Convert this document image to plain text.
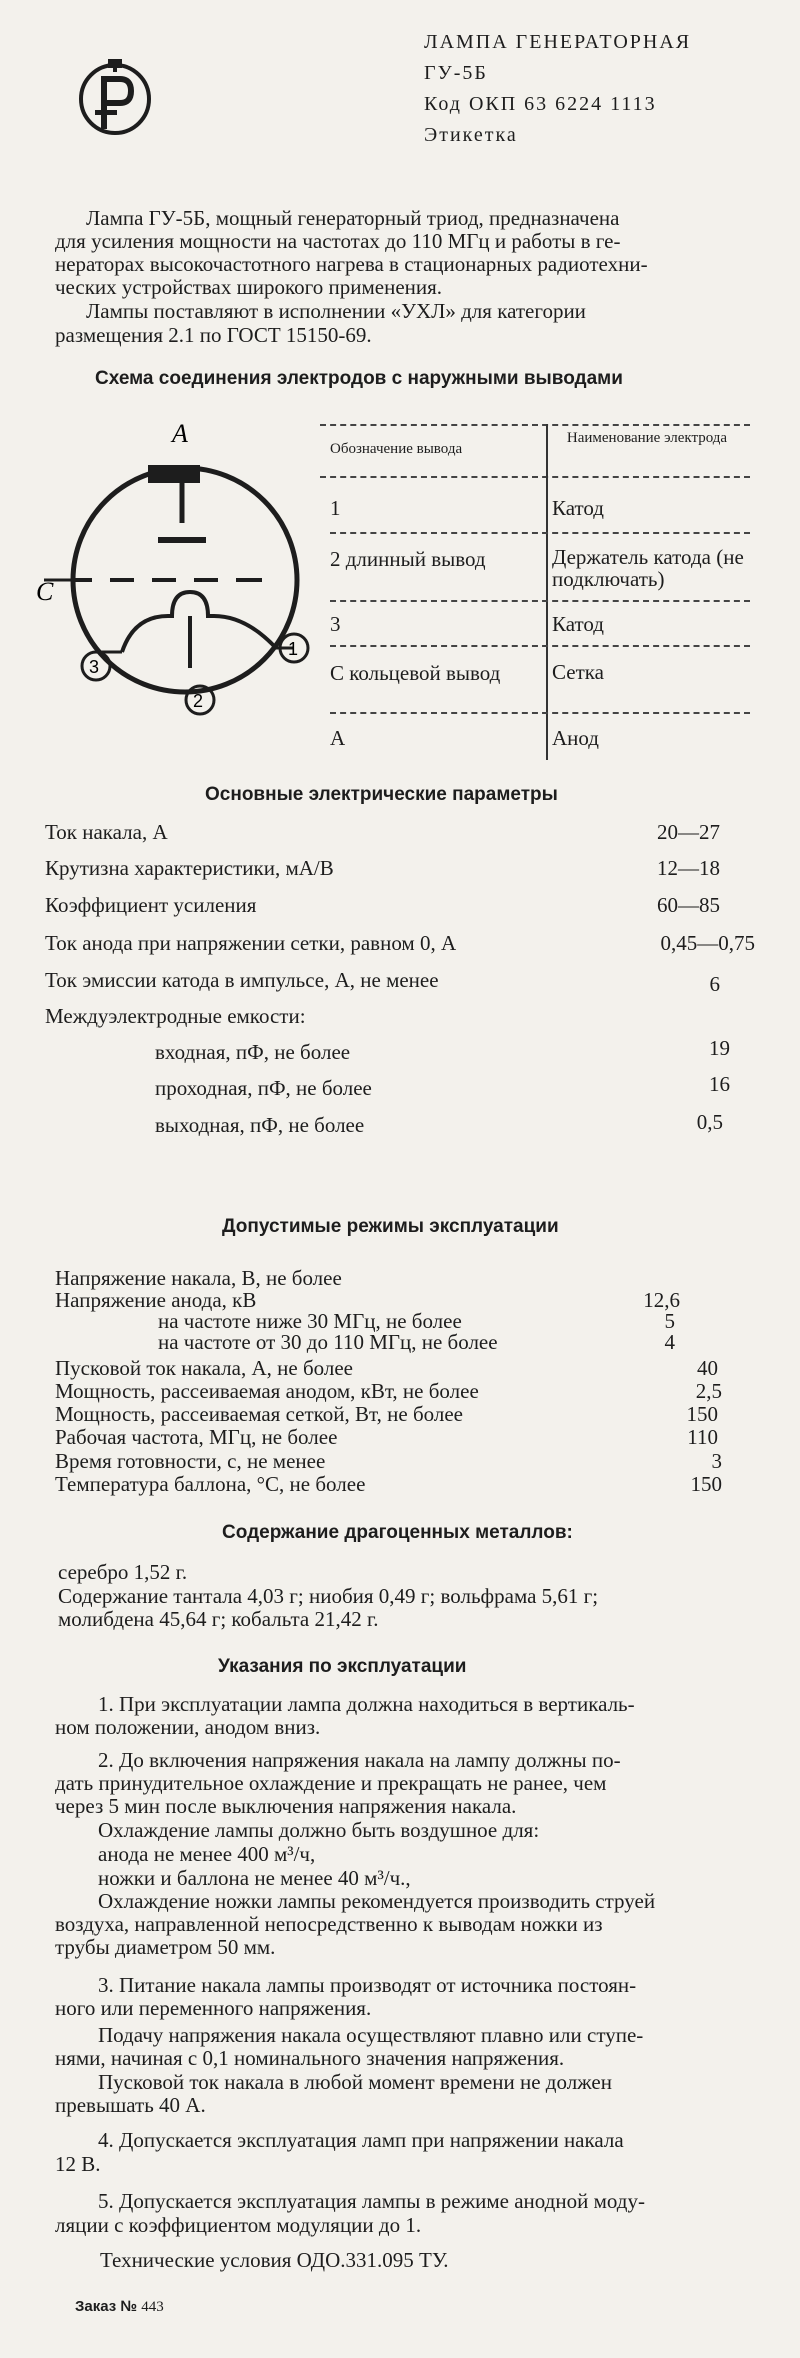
ЛАМПА ГЕНЕРАТОРНАЯ
ГУ-5Б
Код ОКП 63 6224 1113
Этикетка
Лампа ГУ-5Б, мощный генераторный триод, предназначена
для усиления мощности на частотах до 110 МГц и работы в ге-
нераторах высокочастотного нагрева в стационарных радиотехни-
ческих устройствах широкого применения.
Лампы поставляют в исполнении «УХЛ» для категории
размещения 2.1 по ГОСТ 15150-69.
Схема соединения электродов с наружными выводами
А
С
3
2
1
Обозначение вывода
Наименование электрода
1	Катод
2 длинный вывод	Держатель катода (не подключать)
3	Катод
С кольцевой вывод	Сетка
А	Анод
Основные электрические параметры
Ток накала, А	20—27
Крутизна характеристики, мА/В	12—18
Коэффициент усиления	60—85
Ток анода при напряжении сетки, равном 0, А	0,45—0,75
Ток эмиссии катода в импульсе, А, не менее	6
Междуэлектродные емкости:
входная, пФ, не более	19
проходная, пФ, не более	16
выходная, пФ, не более	0,5
Допустимые режимы эксплуатации
Напряжение накала, В, не более
Напряжение анода, кВ	12,6
на частоте ниже 30 МГц, не более	5
на частоте от 30 до 110 МГц, не более	4
Пусковой ток накала, А, не более	40
Мощность, рассеиваемая анодом, кВт, не более	2,5
Мощность, рассеиваемая сеткой, Вт, не более	150
Рабочая частота, МГц, не более	110
Время готовности, с, не менее	3
Температура баллона, °С, не более	150
Содержание драгоценных металлов:
серебро 1,52 г.
Содержание тантала 4,03 г; ниобия 0,49 г; вольфрама 5,61 г;
молибдена 45,64 г; кобальта 21,42 г.
Указания по эксплуатации
1. При эксплуатации лампа должна находиться в вертикаль-
ном положении, анодом вниз.
2. До включения напряжения накала на лампу должны по-
дать принудительное охлаждение и прекращать не ранее, чем
через 5 мин после выключения напряжения накала.
Охлаждение лампы должно быть воздушное для:
анода не менее 400 м³/ч,
ножки и баллона не менее 40 м³/ч.,
Охлаждение ножки лампы рекомендуется производить струей
воздуха, направленной непосредственно к выводам ножки из
трубы диаметром 50 мм.
3. Питание накала лампы производят от источника постоян-
ного или переменного напряжения.
Подачу напряжения накала осуществляют плавно или ступе-
нями, начиная с 0,1 номинального значения напряжения.
Пусковой ток накала в любой момент времени не должен
превышать 40 А.
4. Допускается эксплуатация ламп при напряжении накала
12 В.
5. Допускается эксплуатация лампы в режиме анодной моду-
ляции с коэффициентом модуляции до 1.
Технические условия ОДО.331.095 ТУ.
Заказ № 443
